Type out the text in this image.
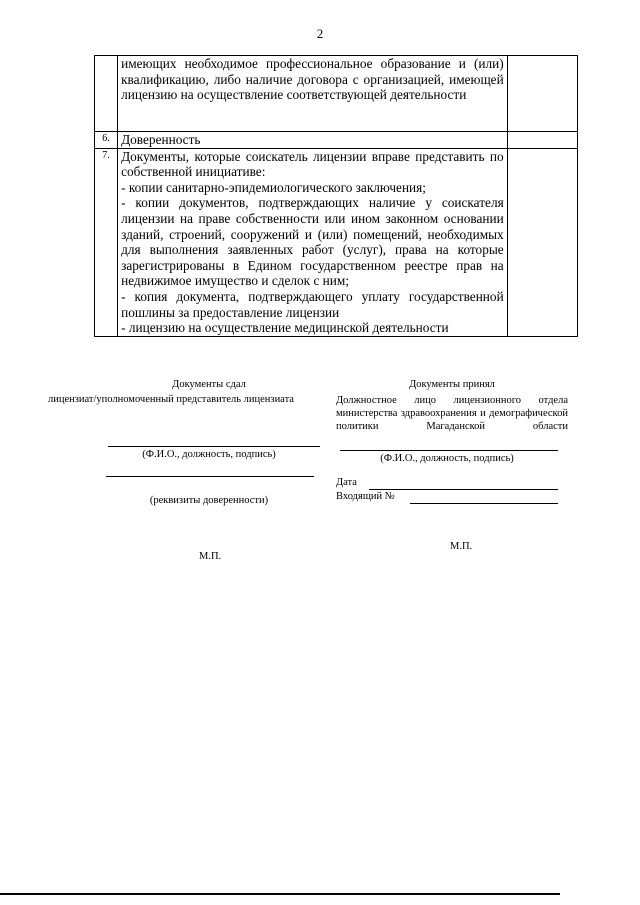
2

	имеющих необходимое профессиональное образование и (или) квалификацию, либо наличие договора с организацией, имеющей лицензию на осуществление соответствующей деятельности	

6.	Доверенность	

7.	Документы, которые соискатель лицензии вправе представить по собственной инициативе:

- копии санитарно-эпидемиологического заключения;

- копии документов, подтверждающих наличие у соискателя лицензии на праве собственности или ином законном основании зданий, строений, сооружений и (или) помещений, необходимых для выполнения заявленных работ (услуг), права на которые зарегистрированы в Едином государственном реестре прав на недвижимое имущество и сделок с ним;

- копия документа, подтверждающего уплату государственной пошлины за предоставление лицензии

- лицензию на осуществление медицинской деятельности	

Документы сдал
лицензиат/уполномоченный представитель лицензиата
(Ф.И.О., должность, подпись)
(реквизиты доверенности)
М.П.
Документы принял
Должностное лицо лицензионного отдела министерства здравоохранения и демографической политики Магаданской области
(Ф.И.О., должность, подпись)
Дата
Входящий №
М.П.
